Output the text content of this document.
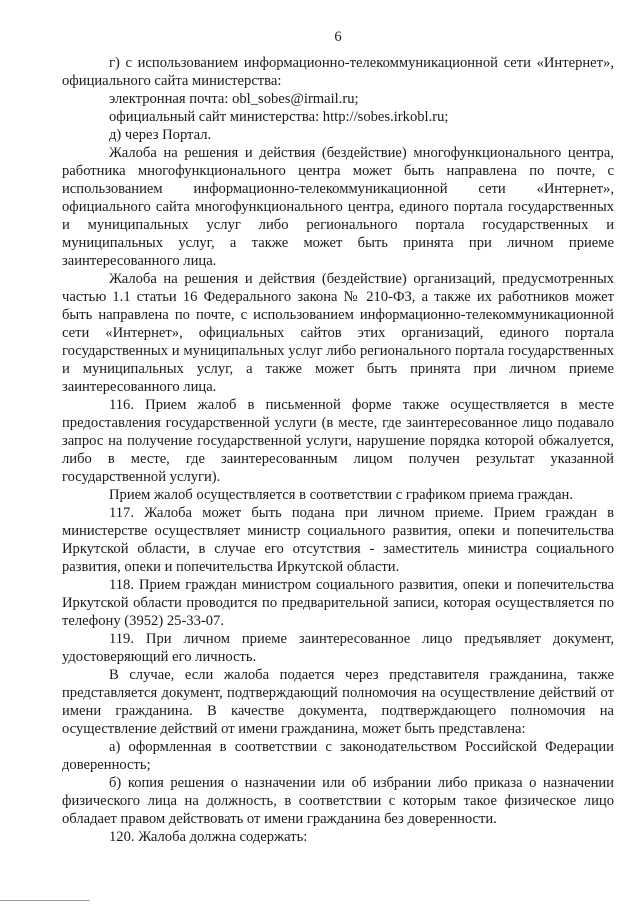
6

г) с использованием информационно-телекоммуникационной сети «Интернет», официального сайта министерства:

электронная почта: obl_sobes@irmail.ru;

официальный сайт министерства: http://sobes.irkobl.ru;

д) через Портал.

Жалоба на решения и действия (бездействие) многофункционального центра, работника многофункционального центра может быть направлена по почте, с использованием информационно-телекоммуникационной сети «Интернет», официального сайта многофункционального центра, единого портала государственных и муниципальных услуг либо регионального портала государственных и муниципальных услуг, а также может быть принята при личном приеме заинтересованного лица.

Жалоба на решения и действия (бездействие) организаций, предусмотренных частью 1.1 статьи 16 Федерального закона № 210-ФЗ, а также их работников может быть направлена по почте, с использованием информационно-телекоммуникационной сети «Интернет», официальных сайтов этих организаций, единого портала государственных и муниципальных услуг либо регионального портала государственных и муниципальных услуг, а также может быть принята при личном приеме заинтересованного лица.

116. Прием жалоб в письменной форме также осуществляется в месте предоставления государственной услуги (в месте, где заинтересованное лицо подавало запрос на получение государственной услуги, нарушение порядка которой обжалуется, либо в месте, где заинтересованным лицом получен результат указанной государственной услуги).

Прием жалоб осуществляется в соответствии с графиком приема граждан.

117. Жалоба может быть подана при личном приеме. Прием граждан в министерстве осуществляет министр социального развития, опеки и попечительства Иркутской области, в случае его отсутствия - заместитель министра социального развития, опеки и попечительства Иркутской области.

118. Прием граждан министром социального развития, опеки и попечительства Иркутской области проводится по предварительной записи, которая осуществляется по телефону (3952) 25-33-07.

119. При личном приеме заинтересованное лицо предъявляет документ, удостоверяющий его личность.

В случае, если жалоба подается через представителя гражданина, также представляется документ, подтверждающий полномочия на осуществление действий от имени гражданина. В качестве документа, подтверждающего полномочия на осуществление действий от имени гражданина, может быть представлена:

а) оформленная в соответствии с законодательством Российской Федерации доверенность;

б) копия решения о назначении или об избрании либо приказа о назначении физического лица на должность, в соответствии с которым такое физическое лицо обладает правом действовать от имени гражданина без доверенности.

120. Жалоба должна содержать:
